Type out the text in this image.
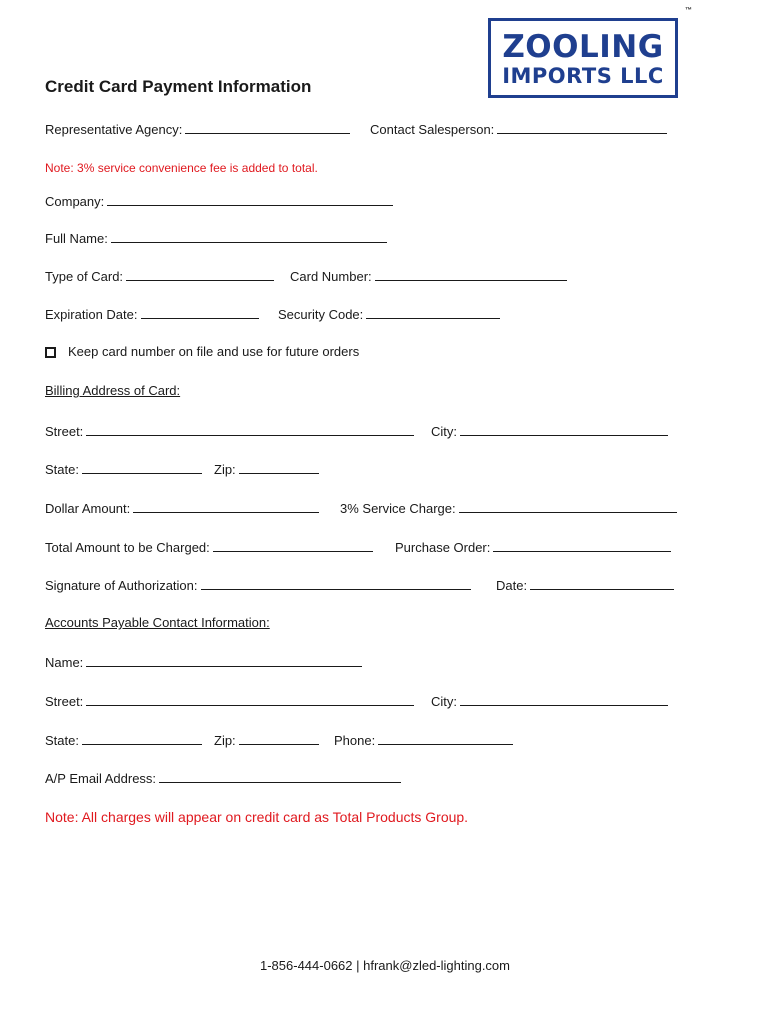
ZOOLING
IMPORTS LLC
™
Credit Card Payment Information
Representative Agency:	Contact Salesperson:
Note: 3% service convenience fee is added to total.
Company:
Full Name:
Type of Card:	Card Number:
Expiration Date:	Security Code:
Keep card number on file and use for future orders
Billing Address of Card:
Street:	City:
State:	Zip:
Dollar Amount:	3% Service Charge:
Total Amount to be Charged:	Purchase Order:
Signature of Authorization:	Date:
Accounts Payable Contact Information:
Name:
Street:	City:
State:	Zip:	Phone:
A/P Email Address:
Note: All charges will appear on credit card as Total Products Group.
1-856-444-0662 | hfrank@zled-lighting.com
